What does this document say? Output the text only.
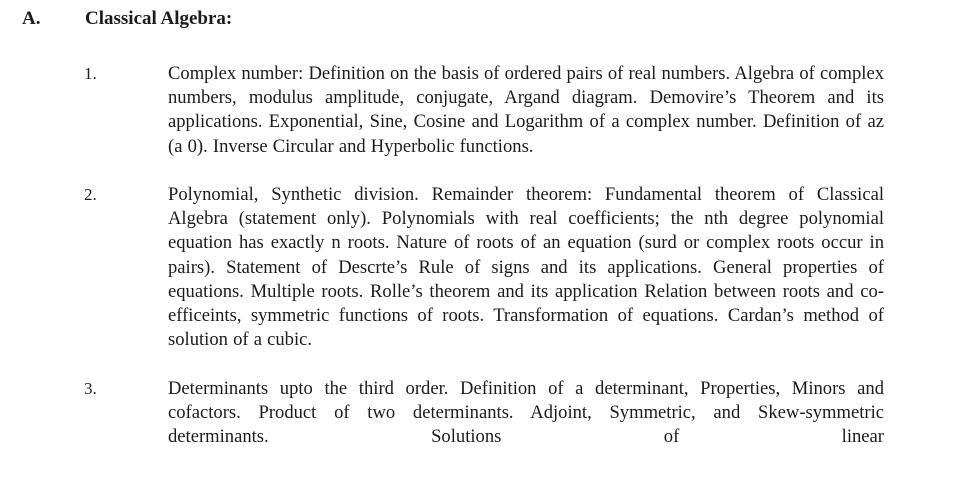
A. Classical Algebra:
1.	Complex number: Definition on the basis of ordered pairs of real numbers. Algebra of complex numbers, modulus amplitude, conjugate, Argand diagram. Demovire’s Theorem and its applications. Exponential, Sine, Cosine and Logarithm of a complex number. Definition of az (a 0). Inverse Circular and Hyperbolic functions.
2.	Polynomial, Synthetic division. Remainder theorem: Fundamental theorem of Classical Algebra (statement only). Polynomials with real coefficients; the nth degree polynomial equation has exactly n roots. Nature of roots of an equation (surd or complex roots occur in pairs). Statement of Descrte’s Rule of signs and its applications. General properties of equations. Multiple roots. Rolle’s theorem and its application Relation between roots and co-efficeints, symmetric functions of roots. Transformation of equations. Cardan’s method of solution of a cubic.
3.	Determinants upto the third order. Definition of a determinant, Properties, Minors and cofactors. Product of two determinants. Adjoint, Symmetric, and Skew-symmetric determinants. Solutions of linear
